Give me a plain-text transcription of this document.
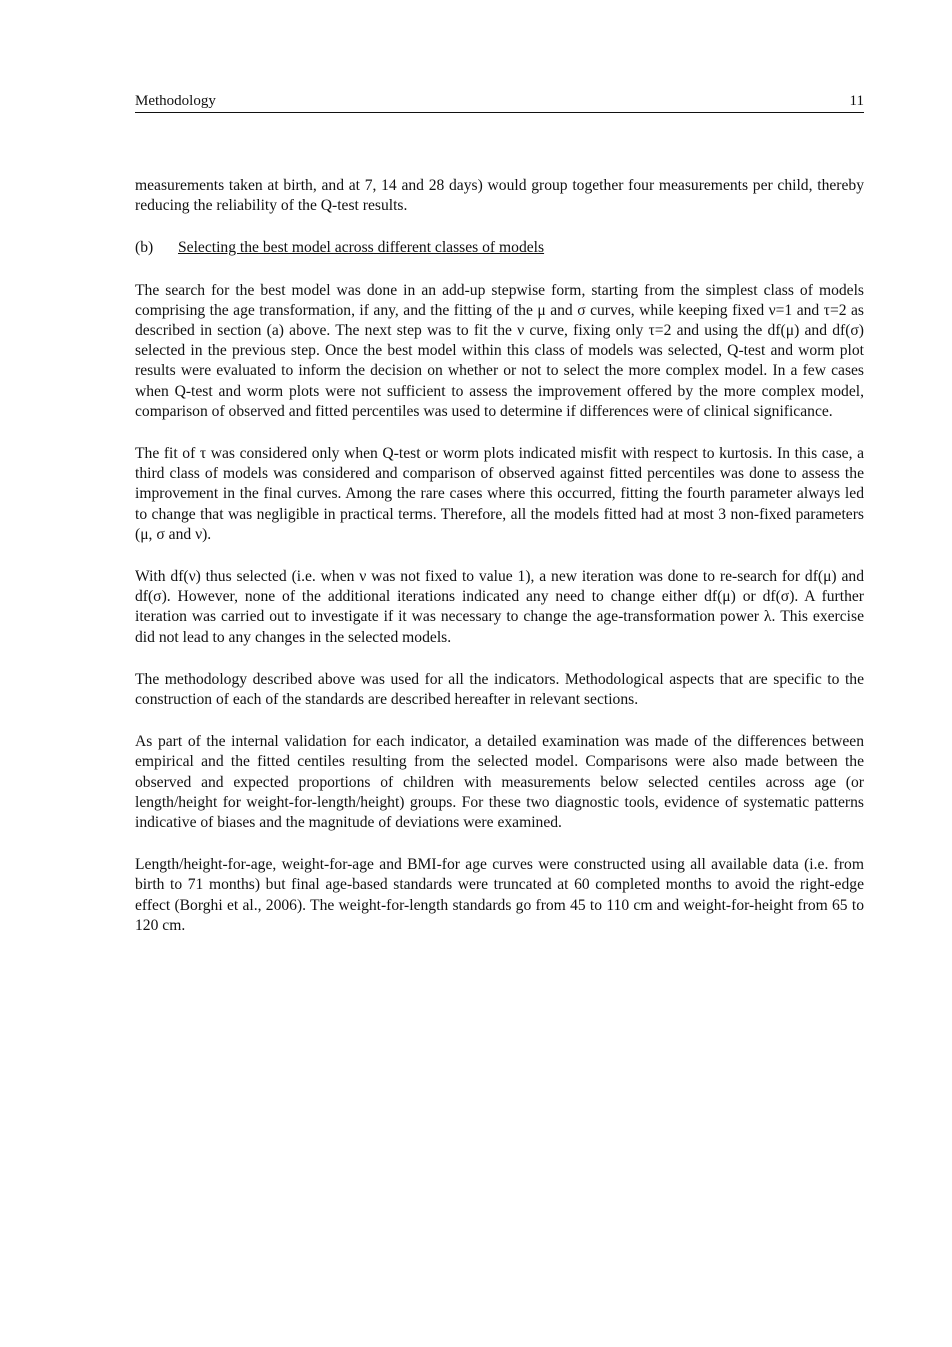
Methodology	11

measurements taken at birth, and at 7, 14 and 28 days) would group together four measurements per child, thereby reducing the reliability of the Q-test results.

(b) Selecting the best model across different classes of models

The search for the best model was done in an add-up stepwise form, starting from the simplest class of models comprising the age transformation, if any, and the fitting of the μ and σ curves, while keeping fixed ν=1 and τ=2 as described in section (a) above. The next step was to fit the ν curve, fixing only τ=2 and using the df(μ) and df(σ) selected in the previous step. Once the best model within this class of models was selected, Q-test and worm plot results were evaluated to inform the decision on whether or not to select the more complex model. In a few cases when Q-test and worm plots were not sufficient to assess the improvement offered by the more complex model, comparison of observed and fitted percentiles was used to determine if differences were of clinical significance.

The fit of τ was considered only when Q-test or worm plots indicated misfit with respect to kurtosis. In this case, a third class of models was considered and comparison of observed against fitted percentiles was done to assess the improvement in the final curves. Among the rare cases where this occurred, fitting the fourth parameter always led to change that was negligible in practical terms. Therefore, all the models fitted had at most 3 non-fixed parameters (μ, σ and ν).

With df(ν) thus selected (i.e. when ν was not fixed to value 1), a new iteration was done to re-search for df(μ) and df(σ). However, none of the additional iterations indicated any need to change either df(μ) or df(σ). A further iteration was carried out to investigate if it was necessary to change the age-transformation power λ. This exercise did not lead to any changes in the selected models.

The methodology described above was used for all the indicators. Methodological aspects that are specific to the construction of each of the standards are described hereafter in relevant sections.

As part of the internal validation for each indicator, a detailed examination was made of the differences between empirical and the fitted centiles resulting from the selected model. Comparisons were also made between the observed and expected proportions of children with measurements below selected centiles across age (or length/height for weight-for-length/height) groups. For these two diagnostic tools, evidence of systematic patterns indicative of biases and the magnitude of deviations were examined.

Length/height-for-age, weight-for-age and BMI-for age curves were constructed using all available data (i.e. from birth to 71 months) but final age-based standards were truncated at 60 completed months to avoid the right-edge effect (Borghi et al., 2006). The weight-for-length standards go from 45 to 110 cm and weight-for-height from 65 to 120 cm.
